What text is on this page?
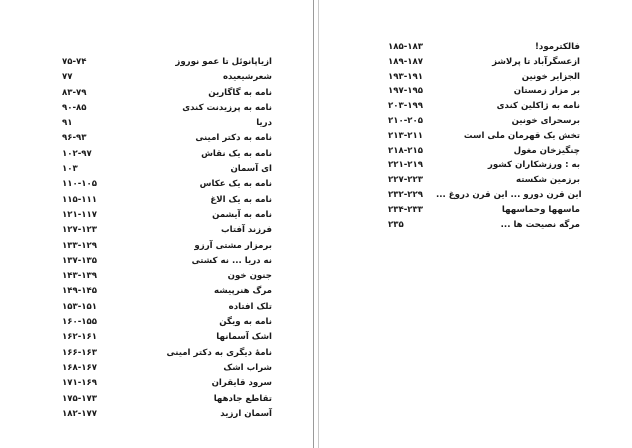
۷۵-۷۴	ازیاپانوئل تا عمو نوروز
۷۷	شعرشیعیده
۸۳-۷۹	نامه به گاگارین
۹۰-۸۵	نامه به پرزیدنت کندی
۹۱	دریا
۹۶-۹۳	نامه به دکتر امینی
۱۰۲-۹۷	نامه به یک نقاش
۱۰۳	ای آسمان
۱۱۰-۱۰۵	نامه به یک عکاس
۱۱۵-۱۱۱	نامه به یک الاغ
۱۲۱-۱۱۷	نامه به آیشمن
۱۲۷-۱۲۳	فرزند آفتاب
۱۳۳-۱۲۹	برمزار مشتی آرزو
۱۳۷-۱۳۵	نه دریا ... نه کشتی
۱۴۳-۱۳۹	جنون خون
۱۴۹-۱۴۵	مرگ هنرپیشه
۱۵۳-۱۵۱	تلک افتاده
۱۶۰-۱۵۵	نامه به ویگن
۱۶۲-۱۶۱	اشک آسمانها
۱۶۶-۱۶۳	نامۀ دیگری به دکتر امینی
۱۶۸-۱۶۷	شراب اشک
۱۷۱-۱۶۹	سرود قایقران
۱۷۵-۱۷۳	تقاطع جادهها
۱۸۲-۱۷۷	آسمان ارزید
۱۸۵-۱۸۳	فالکترمود!
۱۸۹-۱۸۷	ازعسگرآباد تا پرلاشز
۱۹۳-۱۹۱	الجزایر خونین
۱۹۷-۱۹۵	بر مزار زمستان
۲۰۳-۱۹۹	نامه به ژاکلین کندی
۲۱۰-۲۰۵	برسحرای خونین
۲۱۳-۲۱۱	تخش یک قهرمان ملی است
۲۱۸-۲۱۵	چنگیزخان مغول
۲۲۱-۲۱۹	به : ورزشکاران کشور
۲۲۷-۲۲۳	برزمین شکسته
۲۳۲-۲۲۹	این قرن دورو ... این قرن دروغ ...
۲۳۴-۲۳۳	ماسهها وحماسهها
۲۳۵	مرگه نصیحت ها ...
